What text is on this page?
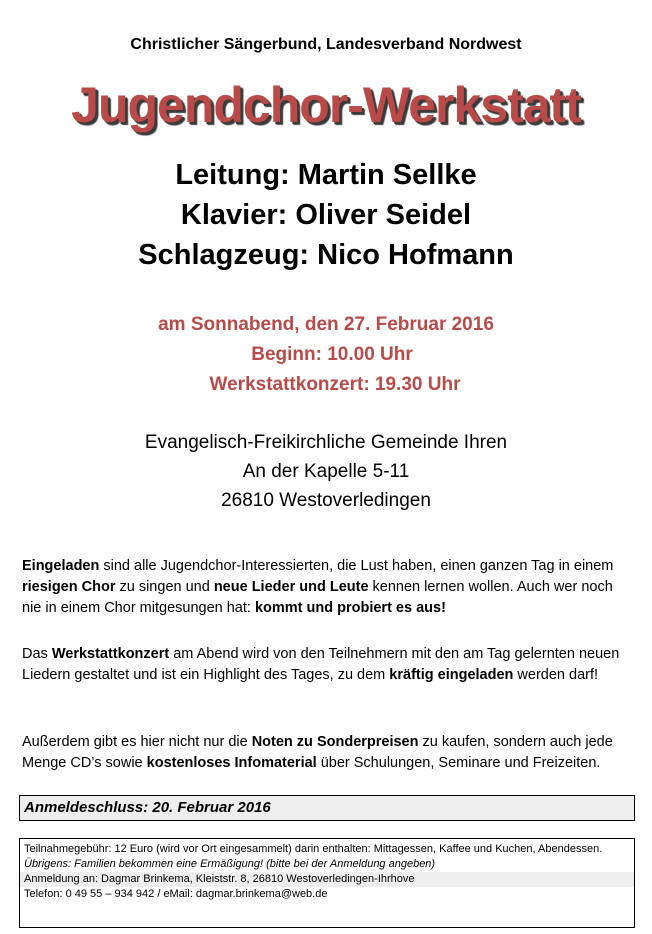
Christlicher Sängerbund, Landesverband Nordwest
Jugendchor-Werkstatt
Leitung: Martin Sellke
Klavier: Oliver Seidel
Schlagzeug: Nico Hofmann
am Sonnabend, den 27. Februar 2016
Beginn: 10.00 Uhr
Werkstattkonzert: 19.30 Uhr
Evangelisch-Freikirchliche Gemeinde Ihren
An der Kapelle 5-11
26810 Westoverledingen
Eingeladen sind alle Jugendchor-Interessierten, die Lust haben, einen ganzen Tag in einem riesigen Chor zu singen und neue Lieder und Leute kennen lernen wollen. Auch wer noch nie in einem Chor mitgesungen hat: kommt und probiert es aus!
Das Werkstattkonzert am Abend wird von den Teilnehmern mit den am Tag gelernten neuen Liedern gestaltet und ist ein Highlight des Tages, zu dem kräftig eingeladen werden darf!
Außerdem gibt es hier nicht nur die Noten zu Sonderpreisen zu kaufen, sondern auch jede Menge CD’s sowie kostenloses Infomaterial über Schulungen, Seminare und Freizeiten.
Anmeldeschluss: 20. Februar 2016
Teilnahmegebühr: 12 Euro (wird vor Ort eingesammelt) darin enthalten: Mittagessen, Kaffee und Kuchen, Abendessen.
Übrigens: Familien bekommen eine Ermäßigung! (bitte bei der Anmeldung angeben)
Anmeldung an: Dagmar Brinkema, Kleiststr. 8, 26810 Westoverledingen-Ihrhove
Telefon: 0 49 55 – 934 942 / eMail: dagmar.brinkema@web.de
